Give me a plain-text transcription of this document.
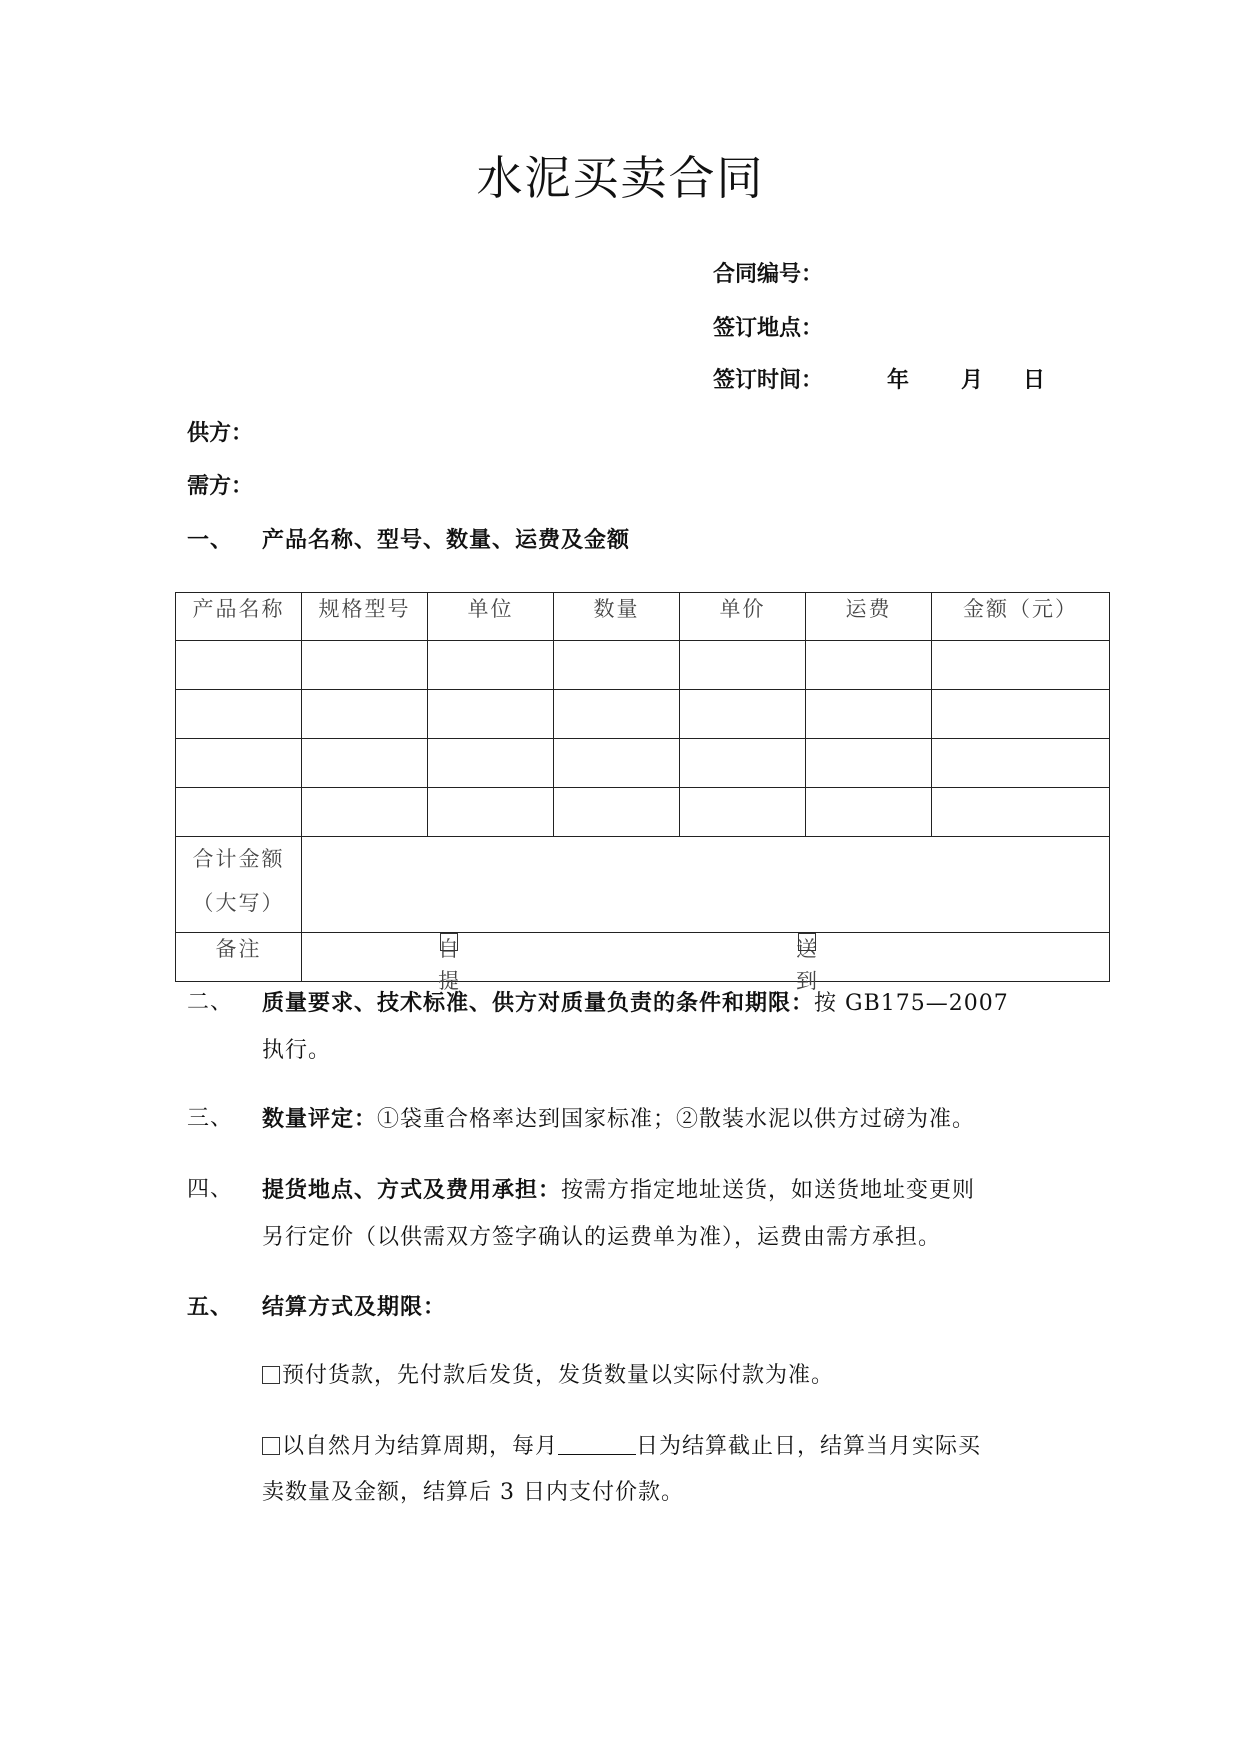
水泥买卖合同
合同编号：
签订地点：
签订时间：	年 月 日
供方：
需方：
一、 产品名称、型号、数量、运费及金额
产品名称	规格型号	单位	数量	单价	运费	金额（元）

合计金额
（大写）						

备注	自提
送到					
二、 质量要求、技术标准、供方对质量负责的条件和期限：按 GB175—2007
执行。
三、 数量评定：①袋重合格率达到国家标准；②散装水泥以供方过磅为准。
四、 提货地点、方式及费用承担：按需方指定地址送货，如送货地址变更则
另行定价（以供需双方签字确认的运费单为准），运费由需方承担。
五、 结算方式及期限：
预付货款，先付款后发货，发货数量以实际付款为准。
以自然月为结算周期，每月	日为结算截止日，结算当月实际买
卖数量及金额，结算后 3 日内支付价款。
